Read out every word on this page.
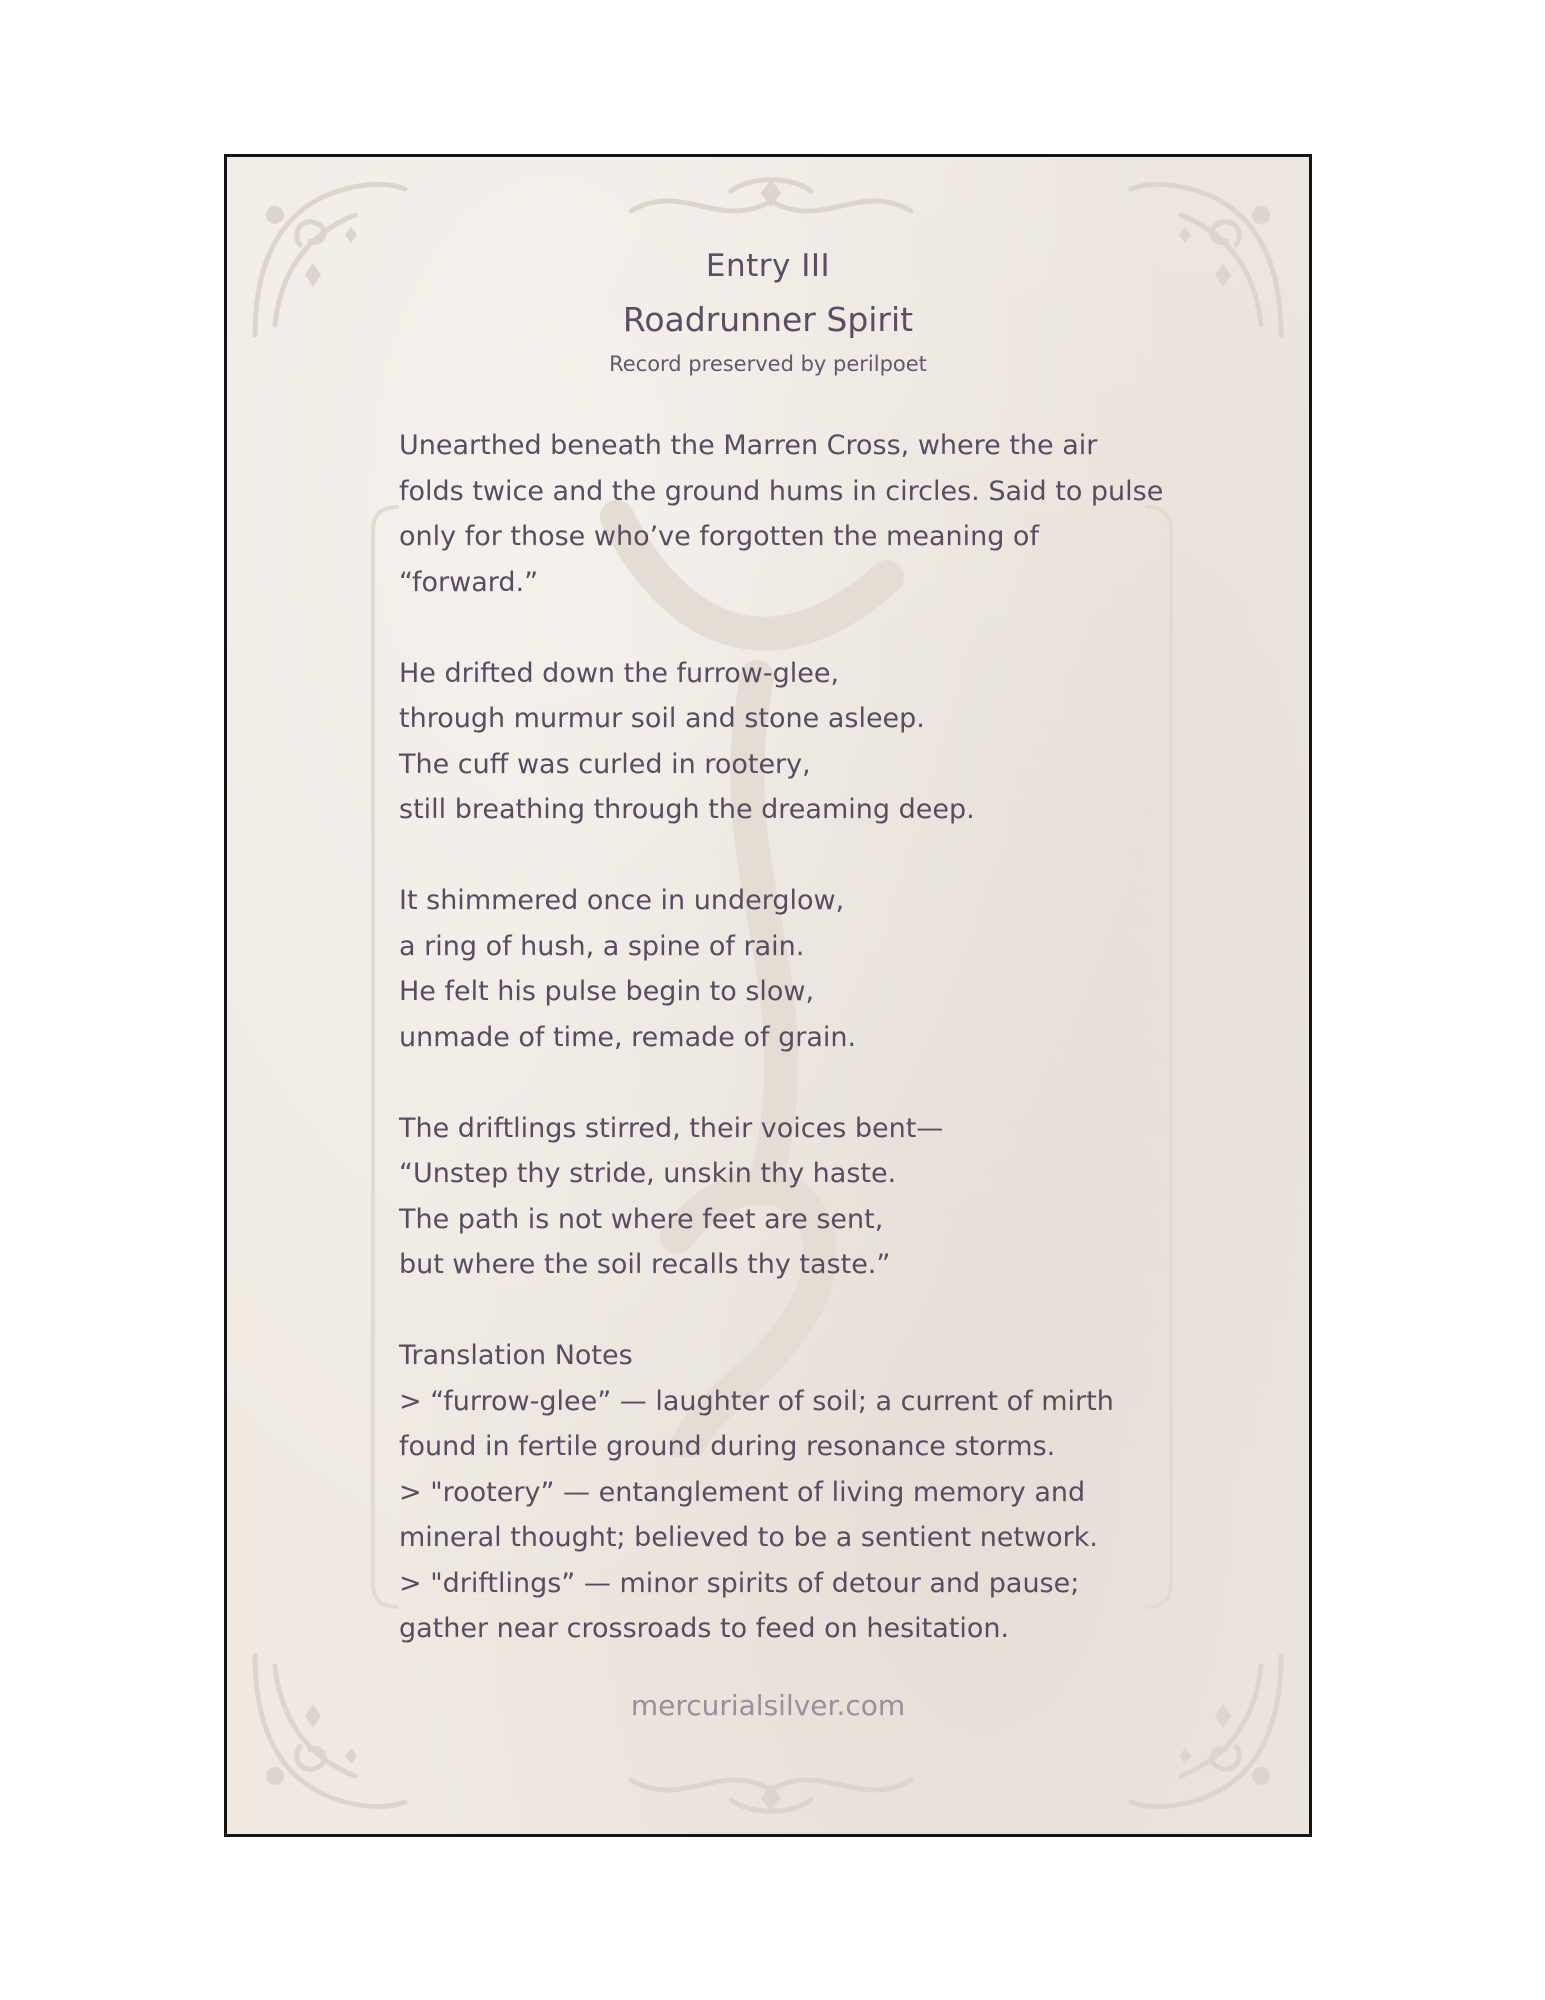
Entry III
Roadrunner Spirit
Record preserved by perilpoet
Unearthed beneath the Marren Cross, where the air
folds twice and the ground hums in circles. Said to pulse
only for those who’ve forgotten the meaning of
“forward.”
He drifted down the furrow-glee,
through murmur soil and stone asleep.
The cuff was curled in rootery,
still breathing through the dreaming deep.
It shimmered once in underglow,
a ring of hush, a spine of rain.
He felt his pulse begin to slow,
unmade of time, remade of grain.
The driftlings stirred, their voices bent—
“Unstep thy stride, unskin thy haste.
The path is not where feet are sent,
but where the soil recalls thy taste.”
Translation Notes
> “furrow-glee” — laughter of soil; a current of mirth
found in fertile ground during resonance storms.
> "rootery” — entanglement of living memory and
mineral thought; believed to be a sentient network.
> "driftlings” — minor spirits of detour and pause;
gather near crossroads to feed on hesitation.
mercurialsilver.com
